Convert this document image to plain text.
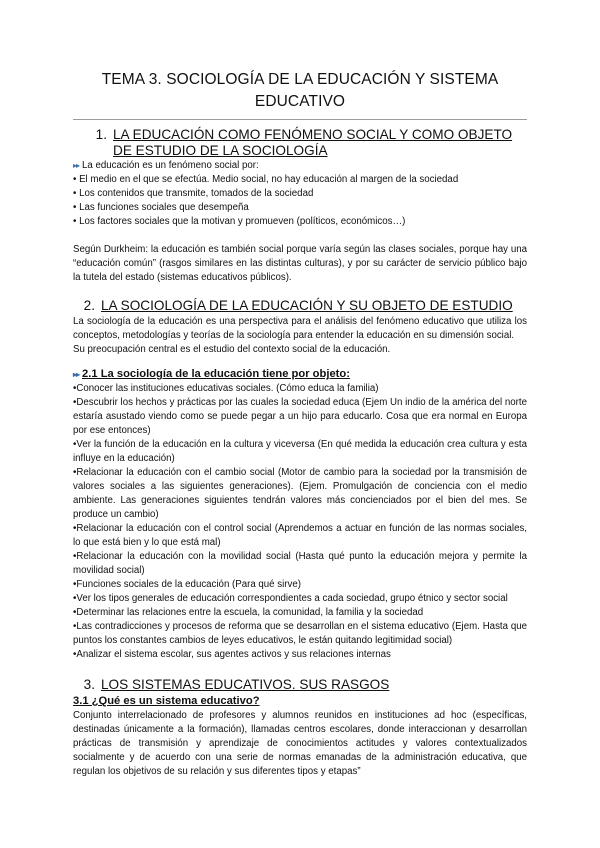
TEMA 3. SOCIOLOGÍA DE LA EDUCACIÓN Y SISTEMA EDUCATIVO
1. LA EDUCACIÓN COMO FENÓMENO SOCIAL Y COMO OBJETO DE ESTUDIO DE LA SOCIOLOGÍA
▸▸ La educación es un fenómeno social por:
• El medio en el que se efectúa. Medio social, no hay educación al margen de la sociedad
• Los contenidos que transmite, tomados de la sociedad
• Las funciones sociales que desempeña
• Los factores sociales que la motivan y promueven (políticos, económicos…)
Según Durkheim: la educación es también social porque varía según las clases sociales, porque hay una “educación común” (rasgos similares en las distintas culturas), y por su carácter de servicio público bajo la tutela del estado (sistemas educativos públicos).
2. LA SOCIOLOGÍA DE LA EDUCACIÓN Y SU OBJETO DE ESTUDIO
La sociología de la educación es una perspectiva para el análisis del fenómeno educativo que utiliza los conceptos, metodologías y teorías de la sociología para entender la educación en su dimensión social.
Su preocupación central es el estudio del contexto social de la educación.
▸▸ 2.1 La sociología de la educación tiene por objeto:
•Conocer las instituciones educativas sociales. (Cómo educa la familia)
•Descubrir los hechos y prácticas por las cuales la sociedad educa (Ejem Un indio de la américa del norte estaría asustado viendo como se puede pegar a un hijo para educarlo. Cosa que era normal en Europa por ese entonces)
•Ver la función de la educación en la cultura y viceversa (En qué medida la educación crea cultura y esta influye en la educación)
•Relacionar la educación con el cambio social (Motor de cambio para la sociedad por la transmisión de valores sociales a las siguientes generaciones). (Ejem. Promulgación de conciencia con el medio ambiente. Las generaciones siguientes tendrán valores más concienciados por el bien del mes. Se produce un cambio)
•Relacionar la educación con el control social (Aprendemos a actuar en función de las normas sociales, lo que está bien y lo que está mal)
•Relacionar la educación con la movilidad social (Hasta qué punto la educación mejora y permite la movilidad social)
•Funciones sociales de la educación (Para qué sirve)
•Ver los tipos generales de educación correspondientes a cada sociedad, grupo étnico y sector social
•Determinar las relaciones entre la escuela, la comunidad, la familia y la sociedad
•Las contradicciones y procesos de reforma que se desarrollan en el sistema educativo (Ejem. Hasta que puntos los constantes cambios de leyes educativos, le están quitando legitimidad social)
•Analizar el sistema escolar, sus agentes activos y sus relaciones internas
3. LOS SISTEMAS EDUCATIVOS. SUS RASGOS
3.1 ¿Qué es un sistema educativo?
Conjunto interrelacionado de profesores y alumnos reunidos en instituciones ad hoc (específicas, destinadas únicamente a la formación), llamadas centros escolares, donde interaccionan y desarrollan prácticas de transmisión y aprendizaje de conocimientos actitudes y valores contextualizados socialmente y de acuerdo con una serie de normas emanadas de la administración educativa, que regulan los objetivos de su relación y sus diferentes tipos y etapas”
